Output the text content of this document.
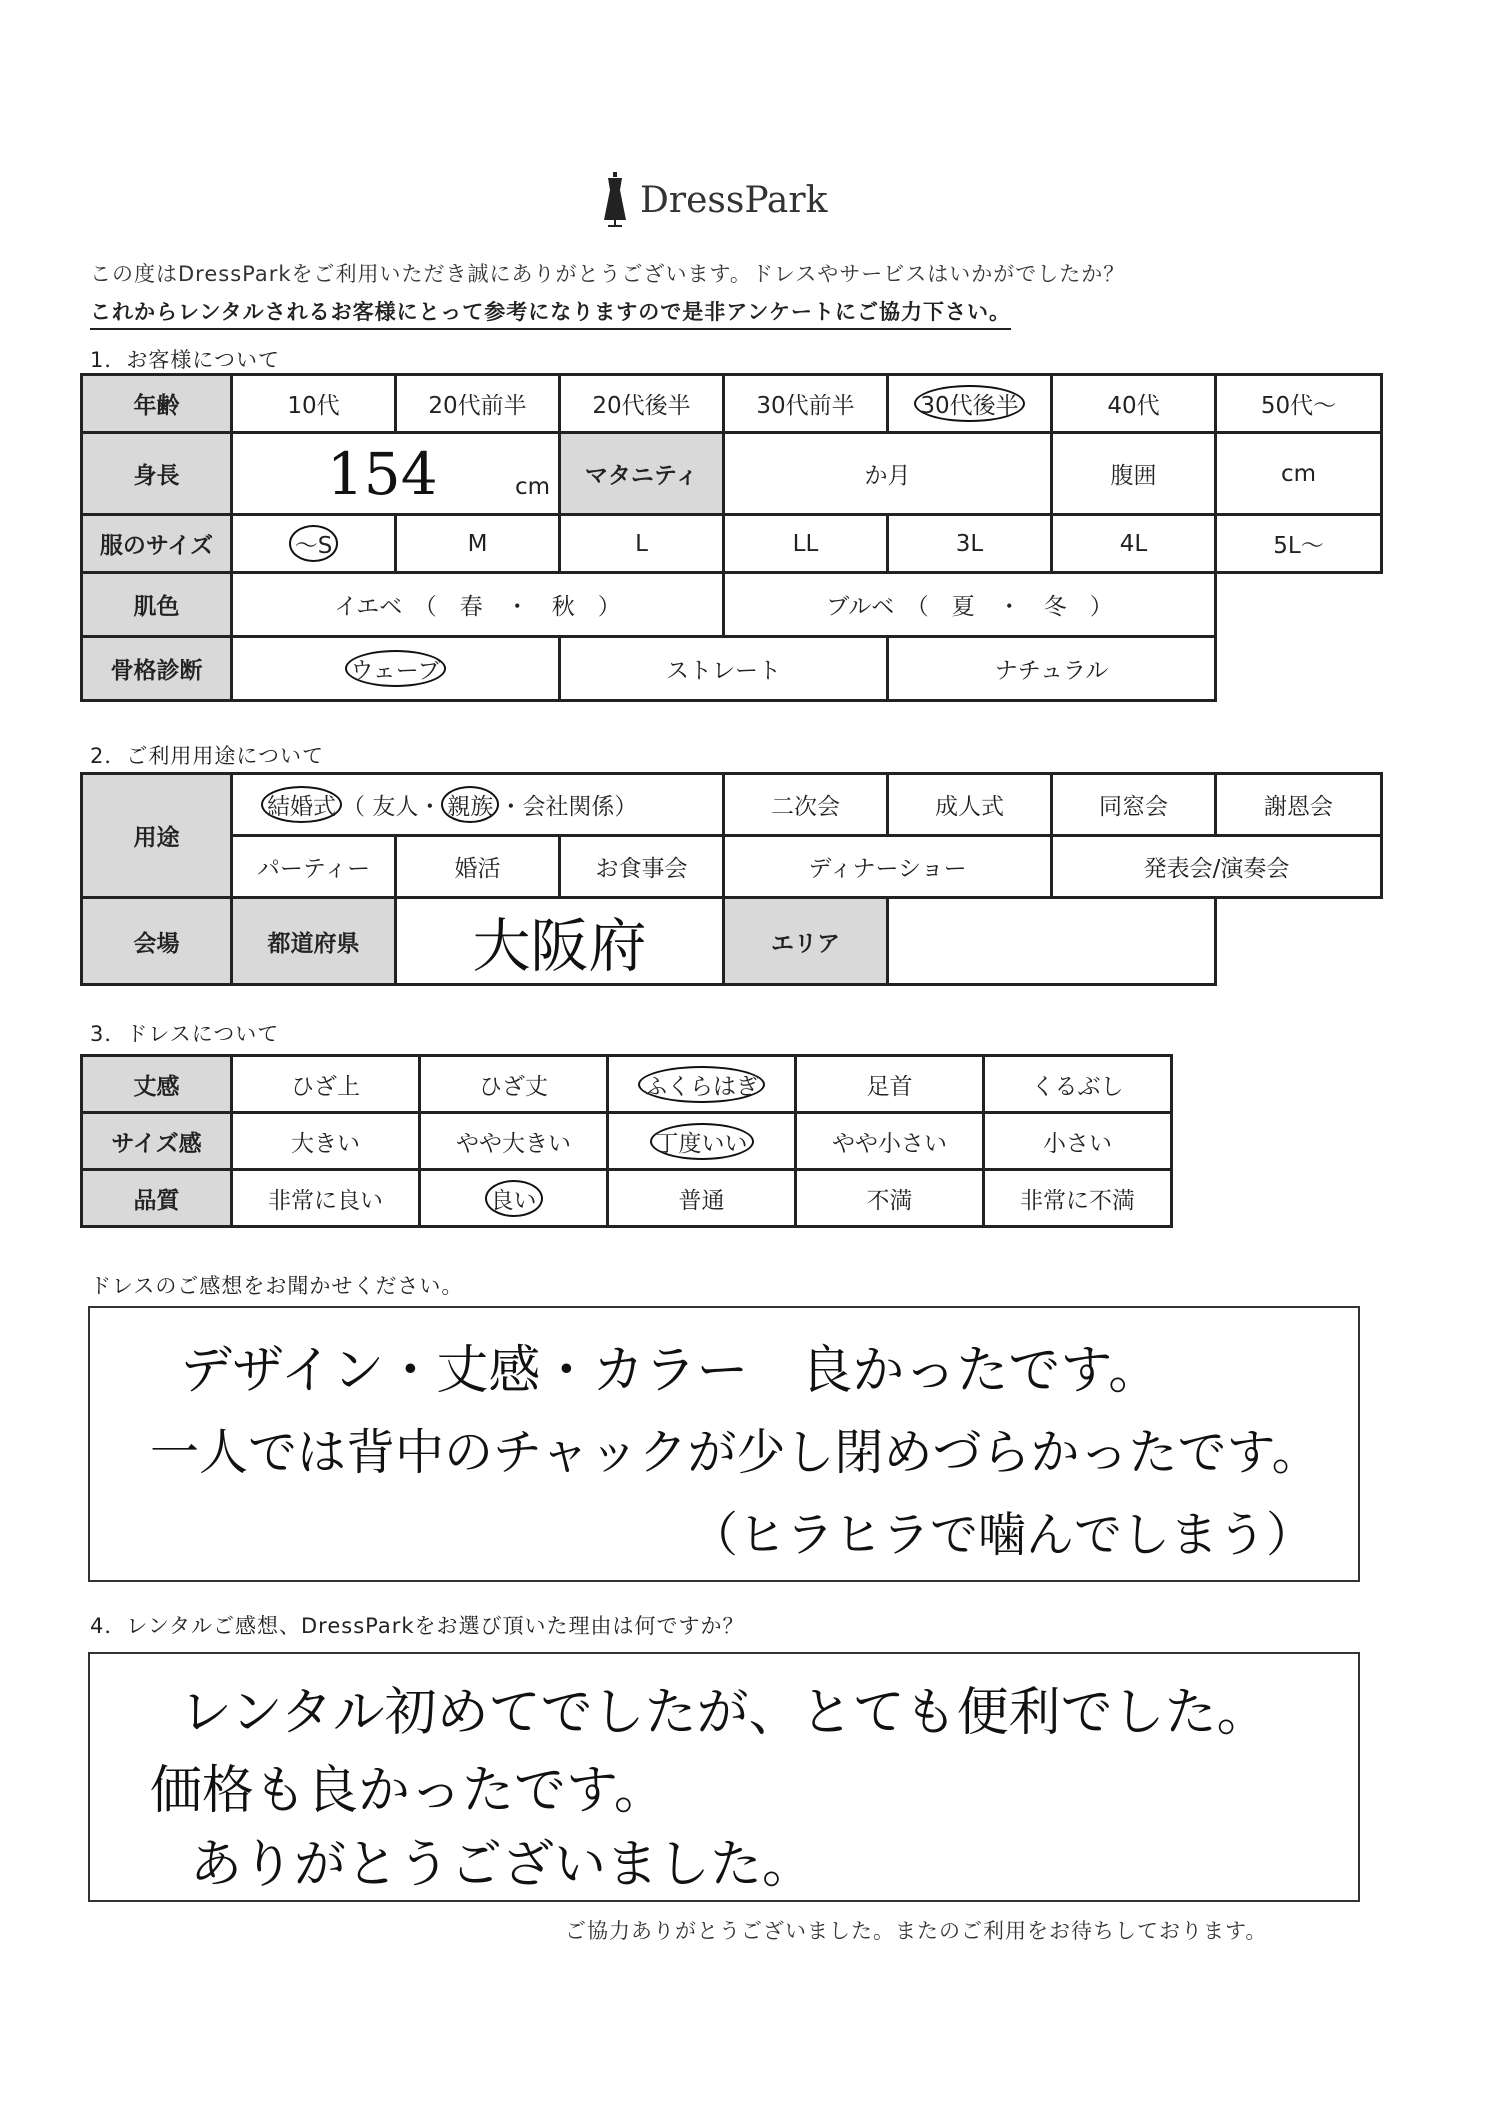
DressPark
この度はDressParkをご利用いただき誠にありがとうございます。ドレスやサービスはいかがでしたか？
これからレンタルされるお客様にとって参考になりますので是非アンケートにご協力下さい。
1．お客様について
年齢	10代	20代前半	20代後半	30代前半	30代後半	40代	50代〜
身長	154 cm		マタニティ	か月		腹囲	cm
服のサイズ	〜S	M	L	LL	3L	4L	5L〜
肌色	イエベ　（　春　・　秋　）			ブルベ　（　夏　・　冬　）			
骨格診断	ウェーブ		ストレート		ナチュラル		
2．ご利用用途について
用途	結婚式 （ 友人・ 親族 ・会社関係）			二次会	成人式	同窓会	謝恩会
	パーティー	婚活	お食事会	ディナーショー		発表会/演奏会	
会場	都道府県	大阪府		エリア			
3．ドレスについて
丈感	ひざ上	ひざ丈	ふくらはぎ	足首	くるぶし
サイズ感	大きい	やや大きい	丁度いい	やや小さい	小さい
品質	非常に良い	良い	普通	不満	非常に不満
ドレスのご感想をお聞かせください。
デザイン・丈感・カラー　良かったです。
一人では背中のチャックが少し閉めづらかったです。
（ヒラヒラで噛んでしまう）
4．レンタルご感想、DressParkをお選び頂いた理由は何ですか？
レンタル初めてでしたが、とても便利でした。
価格も良かったです。
ありがとうございました。
ご協力ありがとうございました。またのご利用をお待ちしております。
